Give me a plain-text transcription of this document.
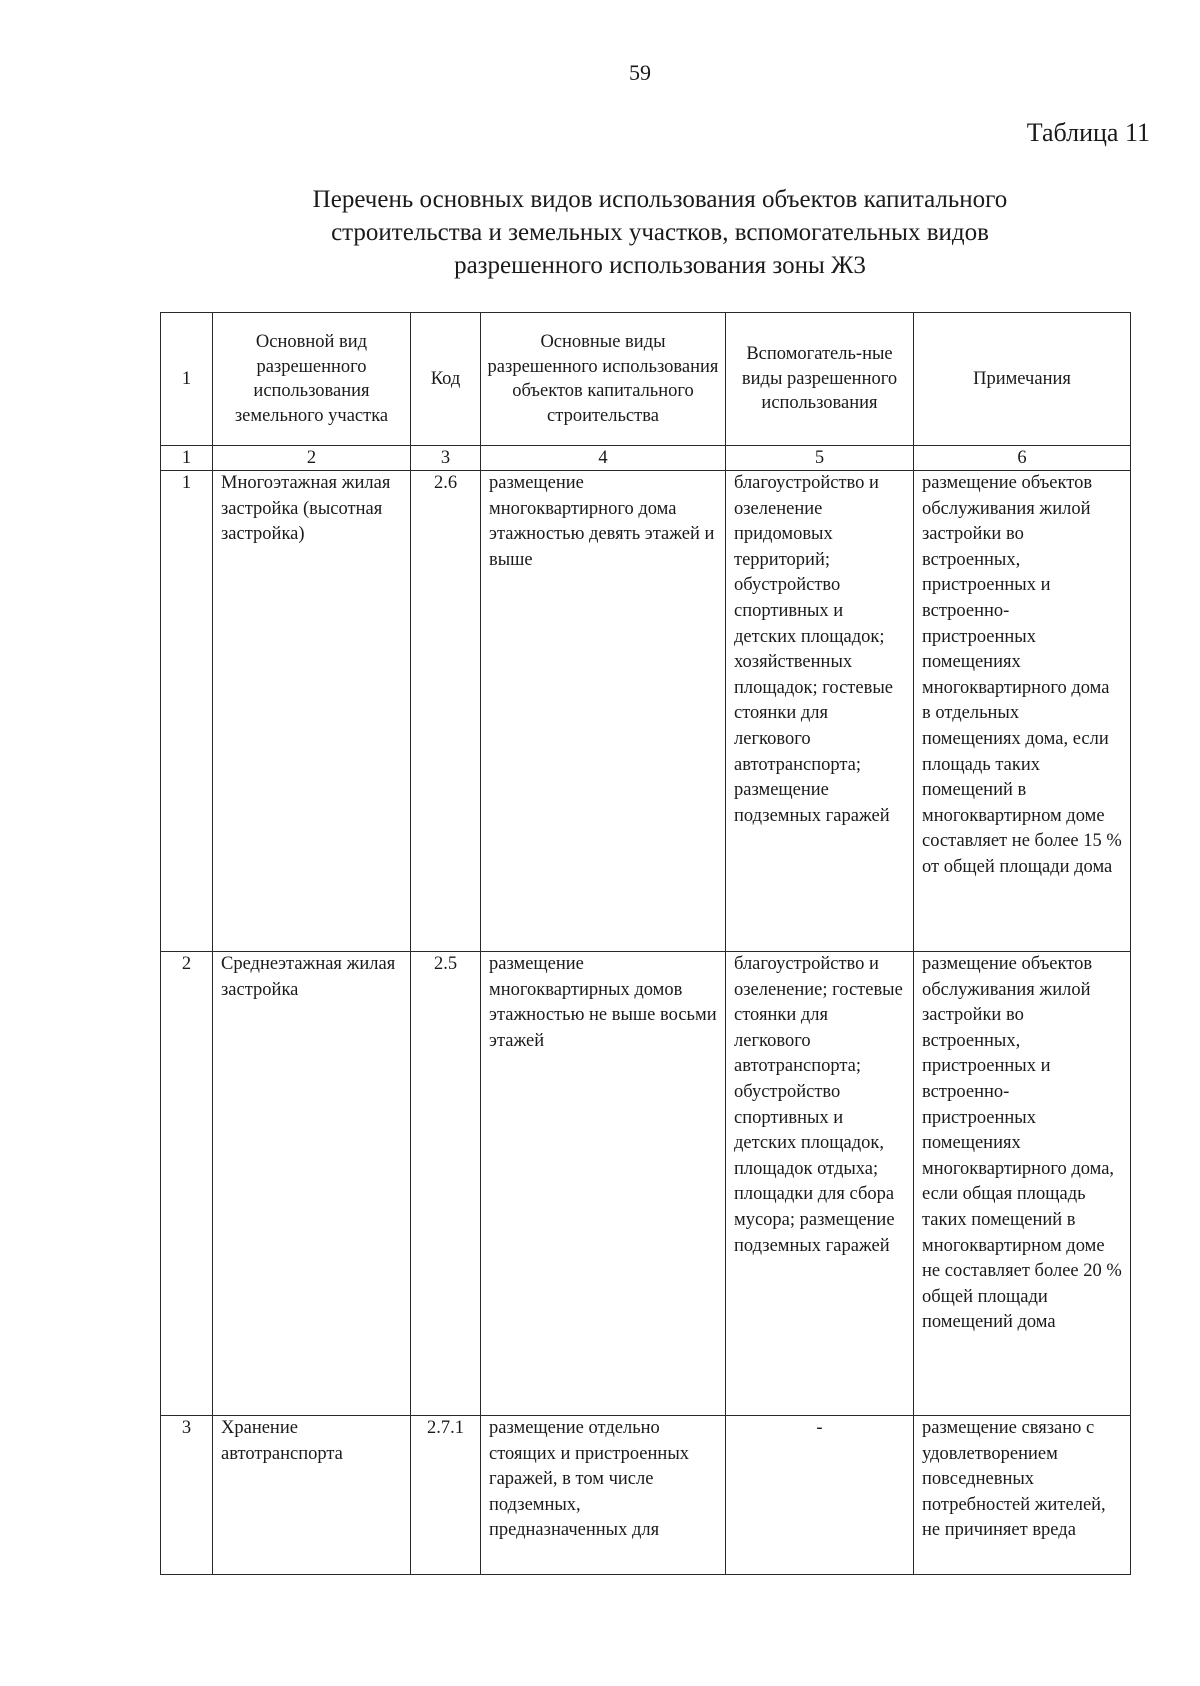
59
Таблица 11
Перечень основных видов использования объектов капитального
строительства и земельных участков, вспомогательных видов
разрешенного использования зоны Ж3
1	Основной вид разрешенного использования земельного участка	Код	Основные виды разрешенного использования объектов капитального строительства	Вспомогатель-ные виды разрешенного использования	Примечания
1	2	3	4	5	6

1	Многоэтажная жилая застройка (высотная застройка)	2.6	размещение многоквартирного дома этажностью девять этажей и выше	благоустройство и озеленение придомовых территорий; обустройство спортивных и детских площадок; хозяйственных площадок; гостевые стоянки для легкового автотранспорта; размещение подземных гаражей	размещение объектов обслуживания жилой застройки во встроенных, пристроенных и встроенно-пристроенных помещениях многоквартирного дома в отдельных помещениях дома, если площадь таких помещений в многоквартирном доме составляет не более 15 % от общей площади дома

2	Среднеэтажная жилая застройка	2.5	размещение многоквартирных домов этажностью не выше восьми этажей	благоустройство и озеленение; гостевые стоянки для легкового автотранспорта; обустройство спортивных и детских площадок, площадок отдыха; площадки для сбора мусора; размещение подземных гаражей	размещение объектов обслуживания жилой застройки во встроенных, пристроенных и встроенно-пристроенных помещениях многоквартирного дома, если общая площадь таких помещений в многоквартирном доме не составляет более 20 % общей площади помещений дома

3	Хранение автотранспорта	2.7.1	размещение отдельно стоящих и пристроенных гаражей, в том числе подземных, предназначенных для	-	размещение связано с удовлетворением повседневных потребностей жителей, не причиняет вреда
